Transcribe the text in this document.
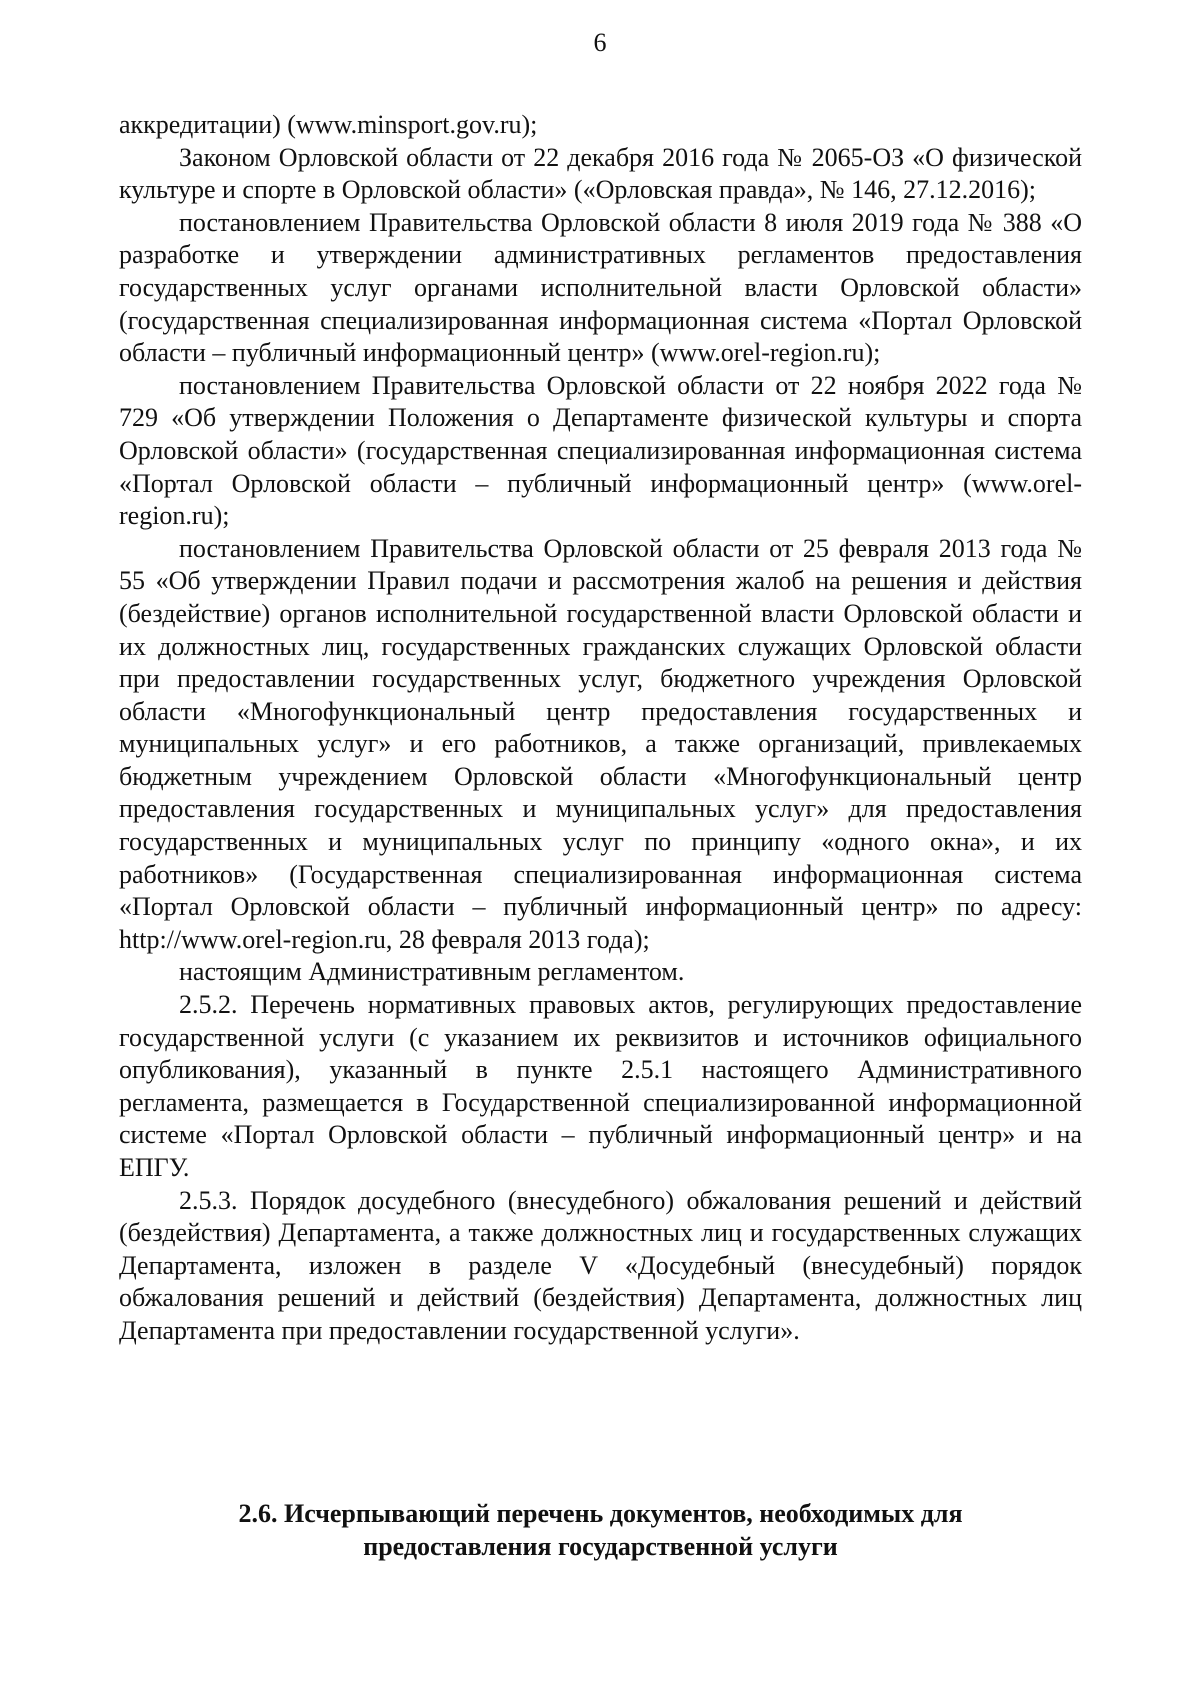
6

аккредитации) (www.minsport.gov.ru);

Законом Орловской области от 22 декабря 2016 года № 2065-ОЗ «О физической культуре и спорте в Орловской области» («Орловская правда», № 146, 27.12.2016);

постановлением Правительства Орловской области 8 июля 2019 года № 388 «О разработке и утверждении административных регламентов предоставления государственных услуг органами исполнительной власти Орловской области» (государственная специализированная информационная система «Портал Орловской области – публичный информационный центр» (www.orel-region.ru);

постановлением Правительства Орловской области от 22 ноября 2022 года № 729 «Об утверждении Положения о Департаменте физической культуры и спорта Орловской области» (государственная специализированная информационная система «Портал Орловской области – публичный информационный центр» (www.orel-region.ru);

постановлением Правительства Орловской области от 25 февраля 2013 года № 55 «Об утверждении Правил подачи и рассмотрения жалоб на решения и действия (бездействие) органов исполнительной государственной власти Орловской области и их должностных лиц, государственных гражданских служащих Орловской области при предоставлении государственных услуг, бюджетного учреждения Орловской области «Многофункциональный центр предоставления государственных и муниципальных услуг» и его работников, а также организаций, привлекаемых бюджетным учреждением Орловской области «Многофункциональный центр предоставления государственных и муниципальных услуг» для предоставления государственных и муниципальных услуг по принципу «одного окна», и их работников» (Государственная специализированная информационная система «Портал Орловской области – публичный информационный центр» по адресу: http://www.orel-region.ru, 28 февраля 2013 года);

настоящим Административным регламентом.

2.5.2. Перечень нормативных правовых актов, регулирующих предоставление государственной услуги (с указанием их реквизитов и источников официального опубликования), указанный в пункте 2.5.1 настоящего Административного регламента, размещается в Государственной специализированной информационной системе «Портал Орловской области – публичный информационный центр» и на ЕПГУ.

2.5.3. Порядок досудебного (внесудебного) обжалования решений и действий (бездействия) Департамента, а также должностных лиц и государственных служащих Департамента, изложен в разделе V «Досудебный (внесудебный) порядок обжалования решений и действий (бездействия) Департамента, должностных лиц Департамента при предоставлении государственной услуги».

2.6. Исчерпывающий перечень документов, необходимых для
предоставления государственной услуги
